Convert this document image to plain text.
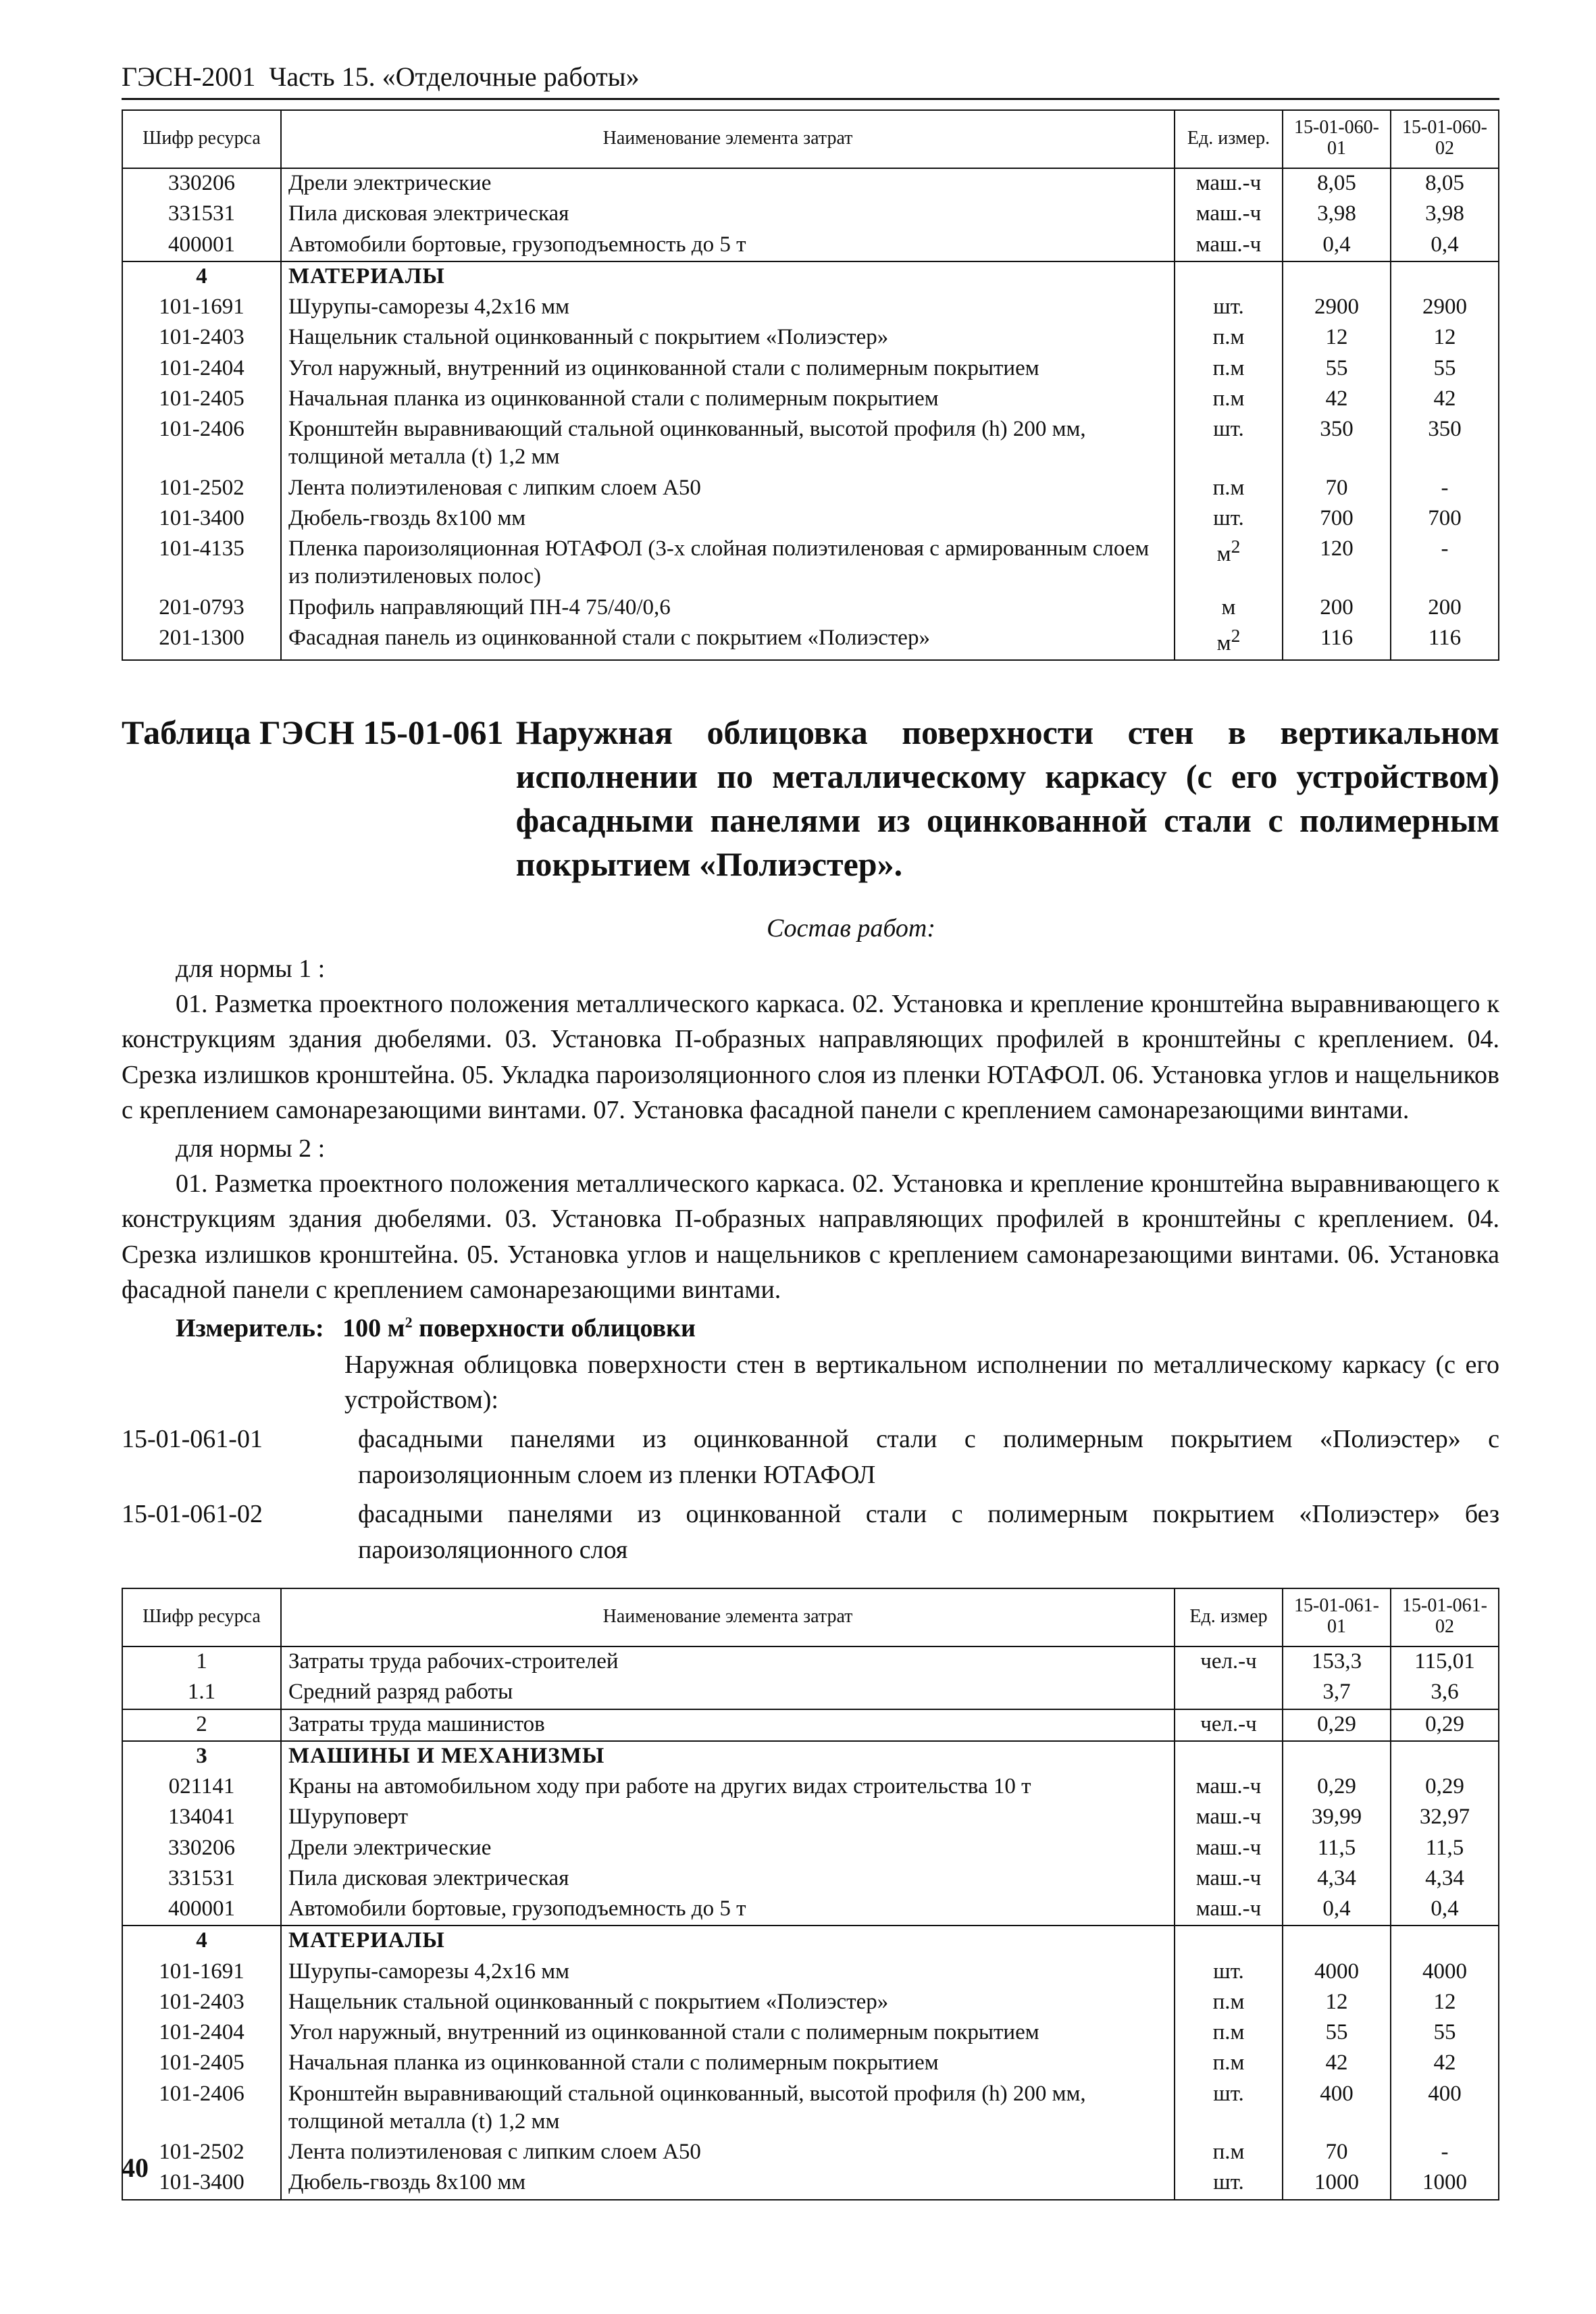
ГЭСН-2001 Часть 15. «Отделочные работы»
Шифр ресурса	Наименование элемента затрат	Ед. измер.	15-01-060-01	15-01-060-02
330206	Дрели электрические	маш.-ч	8,05	8,05
331531	Пила дисковая электрическая	маш.-ч	3,98	3,98
400001	Автомобили бортовые, грузоподъемность до 5 т	маш.-ч	0,4	0,4
4	МАТЕРИАЛЫ			
101-1691	Шурупы-саморезы 4,2x16 мм	шт.	2900	2900
101-2403	Нащельник стальной оцинкованный с покрытием «Полиэстер»	п.м	12	12
101-2404	Угол наружный, внутренний из оцинкованной стали с полимерным покрытием	п.м	55	55
101-2405	Начальная планка из оцинкованной стали с полимерным покрытием	п.м	42	42
101-2406	Кронштейн выравнивающий стальной оцинкованный, высотой профиля (h) 200 мм, толщиной металла (t) 1,2 мм	шт.	350	350
101-2502	Лента полиэтиленовая с липким слоем А50	п.м	70	-
101-3400	Дюбель-гвоздь 8x100 мм	шт.	700	700
101-4135	Пленка пароизоляционная ЮТАФОЛ (3-х слойная полиэтиленовая с армированным слоем из полиэтиленовых полос)	$м^2$	120	-
201-0793	Профиль направляющий ПН-4 75/40/0,6	м	200	200
201-1300	Фасадная панель из оцинкованной стали с покрытием «Полиэстер»	$м^2$	116	116
Таблица ГЭСН 15-01-061 Наружная облицовка поверхности стен в вертикальном исполнении по металлическому каркасу (с его устройством) фасадными панелями из оцинкованной стали с полимерным покрытием «Полиэстер».
Состав работ:
для нормы 1 :

01. Разметка проектного положения металлического каркаса. 02. Установка и крепление кронштейна выравнивающего к конструкциям здания дюбелями. 03. Установка П-образных направляющих профилей в кронштейны с креплением. 04. Срезка излишков кронштейна. 05. Укладка пароизоляционного слоя из пленки ЮТАФОЛ. 06. Установка углов и нащельников с креплением самонарезающими винтами. 07. Установка фасадной панели с креплением самонарезающими винтами.

для нормы 2 :

01. Разметка проектного положения металлического каркаса. 02. Установка и крепление кронштейна выравнивающего к конструкциям здания дюбелями. 03. Установка П-образных направляющих профилей в кронштейны с креплением. 04. Срезка излишков кронштейна. 05. Установка углов и нащельников с креплением самонарезающими винтами. 06. Установка фасадной панели с креплением самонарезающими винтами.

Измеритель: 100 $м^2$ поверхности облицовки
Наружная облицовка поверхности стен в вертикальном исполнении по металлическому каркасу (с его устройством):
15-01-061-01	фасадными панелями из оцинкованной стали с полимерным покрытием «Полиэстер» с пароизоляционным слоем из пленки ЮТАФОЛ
15-01-061-02	фасадными панелями из оцинкованной стали с полимерным покрытием «Полиэстер» без пароизоляционного слоя
Шифр ресурса	Наименование элемента затрат	Ед. измер	15-01-061-01	15-01-061-02
1	Затраты труда рабочих-строителей	чел.-ч	153,3	115,01
1.1	Средний разряд работы		3,7	3,6
2	Затраты труда машинистов	чел.-ч	0,29	0,29
3	МАШИНЫ И МЕХАНИЗМЫ			
021141	Краны на автомобильном ходу при работе на других видах строительства 10 т	маш.-ч	0,29	0,29
134041	Шуруповерт	маш.-ч	39,99	32,97
330206	Дрели электрические	маш.-ч	11,5	11,5
331531	Пила дисковая электрическая	маш.-ч	4,34	4,34
400001	Автомобили бортовые, грузоподъемность до 5 т	маш.-ч	0,4	0,4
4	МАТЕРИАЛЫ			
101-1691	Шурупы-саморезы 4,2x16 мм	шт.	4000	4000
101-2403	Нащельник стальной оцинкованный с покрытием «Полиэстер»	п.м	12	12
101-2404	Угол наружный, внутренний из оцинкованной стали с полимерным покрытием	п.м	55	55
101-2405	Начальная планка из оцинкованной стали с полимерным покрытием	п.м	42	42
101-2406	Кронштейн выравнивающий стальной оцинкованный, высотой профиля (h) 200 мм, толщиной металла (t) 1,2 мм	шт.	400	400
101-2502	Лента полиэтиленовая с липким слоем А50	п.м	70	-
101-3400	Дюбель-гвоздь 8x100 мм	шт.	1000	1000
40
